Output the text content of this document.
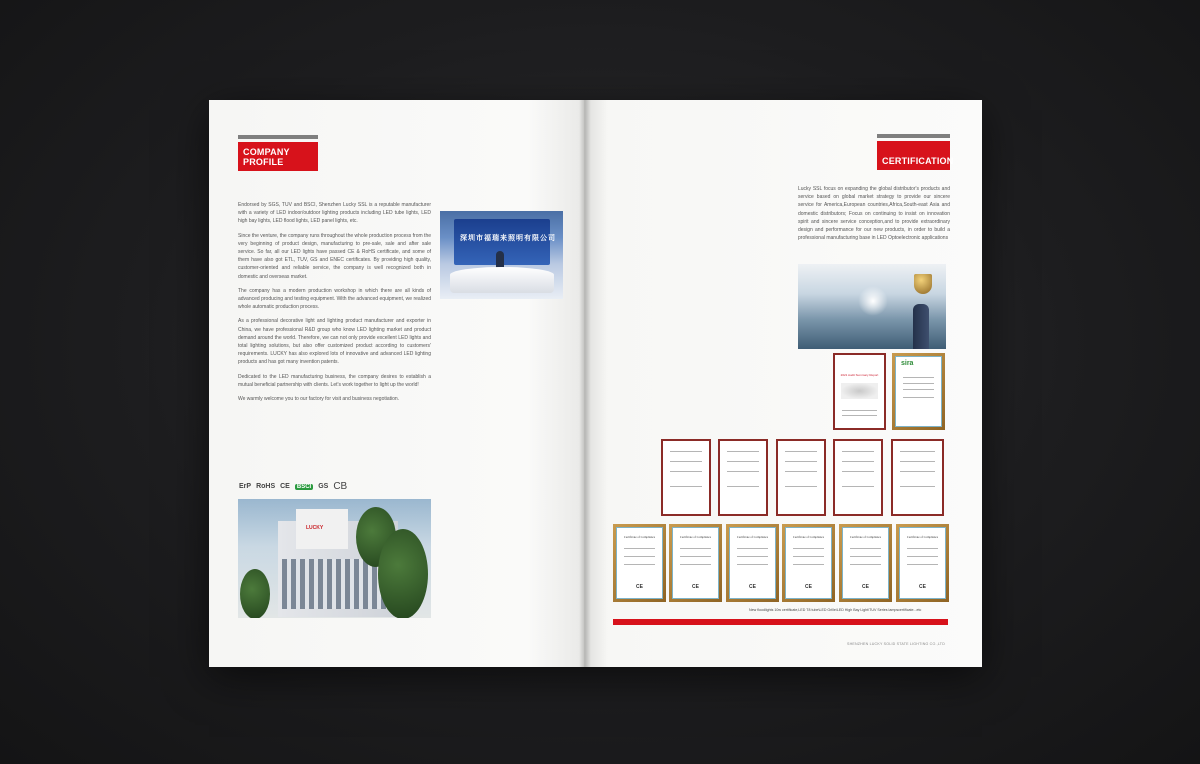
COMPANY PROFILE

Endorsed by SGS, TUV and BSCI, Shenzhen Lucky SSL is a reputable manufacturer with a variety of LED indoor/outdoor lighting products including LED tube lights, LED high bay lights, LED flood lights, LED panel lights, etc.

Since the venture, the company runs throughout the whole production process from the very beginning of product design, manufacturing to pre-sale, sale and after sale service. So far, all our LED lights have passed CE & RoHS certificate, and some of them have also got ETL, TUV, GS and ENEC certificates. By providing high quality, customer-oriented and reliable service, the company is well recognized both in domestic and overseas market.

The company has a modern production workshop in which there are all kinds of advanced producing and testing equipment. With the advanced equipment, we realized whole automatic production process.

As a professional decorative light and lighting product manufacturer and exporter in China, we have professional R&D group who know LED lighting market and product demand around the world. Therefore, we can not only provide excellent LED lights and total lighting solutions, but also offer customized product according to customers' requirements. LUCKY has also explored lots of innovative and advanced LED lighting products and has got many invention patents.

Dedicated to the LED manufacturing business, the company desires to establish a mutual beneficial partnership with clients. Let's work together to light up the world!

We warmly welcome you to our factory for visit and business negotiation.

深圳市福瑞来照明有限公司
ErP RoHS CE	BSCI GS CB
LUCKY
CERTIFICATION

Lucky SSL focus on expanding the global distributor's products and service based on global market strategy to provide our sincere service for America,European countries,Africa,South-east Asia and domestic distributors; Focus on continuing to insist on innovation spirit and sincere service conception,and to provide extraordinary design and performance for our new products, in order to build a professional manufacturing base in LED Optoelectronic applications

2021 Audit Summary Report
sira
Certificate of Compliance
CE
Certificate of Compliance
CE
Certificate of Compliance
CE
Certificate of Compliance
CE
Certificate of Compliance
CE
Certificate of Compliance
CE
New floodlights 10w certificate,LED T8 tube\LED Grille\LED High Bay Light\TUV Series lampscertificate...etc
SHENZHEN LUCKY SOLID STATE LIGHTING CO.,LTD
